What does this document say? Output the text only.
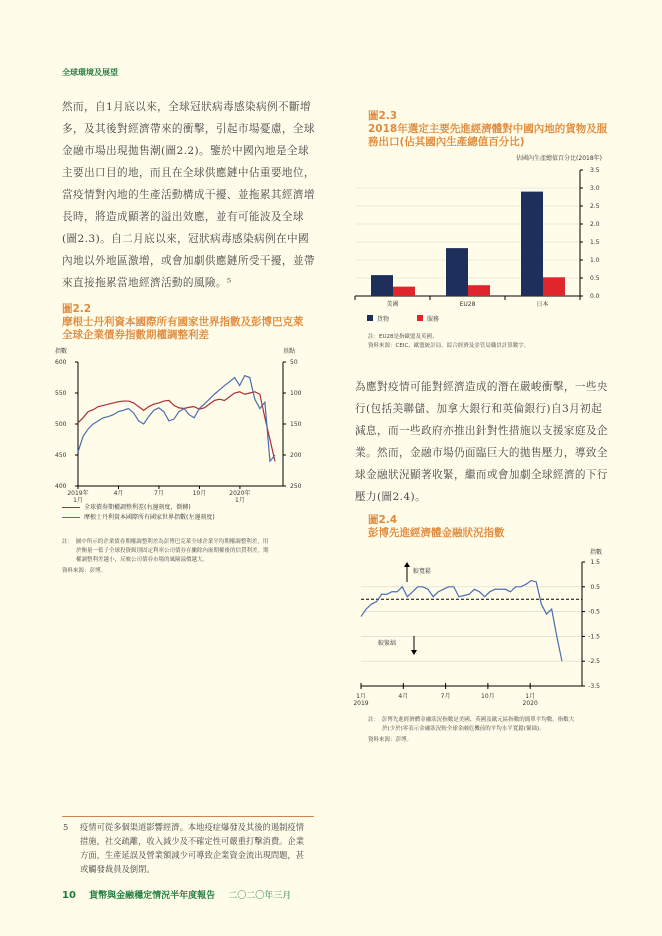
全球環境及展望
然而，自1月底以來，全球冠狀病毒感染病例不斷增
多，及其後對經濟帶來的衝擊，引起市場憂慮，全球
金融市場出現拋售潮(圖2.2)。鑒於中國內地是全球
主要出口目的地，而且在全球供應鏈中佔重要地位，
當疫情對內地的生產活動構成干擾、並拖累其經濟增
長時，將造成顯著的溢出效應，並有可能波及全球
(圖2.3)。自二月底以來，冠狀病毒感染病例在中國
內地以外地區激增，或會加劇供應鏈所受干擾，並帶
來直接拖累當地經濟活動的風險。⁵
圖2.2
摩根士丹利資本國際所有國家世界指數及彭博巴克萊
全球企業債券指數期權調整利差
指數	基點
600	50
550	100
500	150
450	200
400	250
2019年
1月
4月	7月	10月	2020年
1月
全球債券期權調整利差(右邊刻度，倒轉)
摩根士丹利資本國際所有國家世界指數(左邊刻度)
註：　圖中所示的企業債券期權調整利差為彭博巴克萊全球企業平均期權調整利差，用
於衡量一籃子全球投資級別固定利率公司債券在撇除內嵌期權後的信貸利差。期
權調整利差越小，反映公司債券市場的風險溢價越大。
資料來源：彭博。
圖2.3
2018年選定主要先進經濟體對中國內地的貨物及服
務出口(佔其國內生產總值百分比)
佔國內生產總值百分比(2018年)
3.5
3.0
2.5
2.0
1.5
1.0
0.5
0.0
美國	EU28	日本
貨物	服務
註：EU28是指歐盟及英國。
資料來源：CEIC、歐盟統計局、綜合經濟及金管局職員計算數字。
為應對疫情可能對經濟造成的潛在嚴峻衝擊，一些央
行(包括美聯儲、加拿大銀行和英倫銀行)自3月初起
減息，而一些政府亦推出針對性措施以支援家庭及企
業。然而，金融市場仍面臨巨大的拋售壓力，導致全
球金融狀況顯著收緊，繼而或會加劇全球經濟的下行
壓力(圖2.4)。
圖2.4
彭博先進經濟體金融狀況指數
指數
1.5
0.5
-0.5
-1.5
-2.5
-3.5
1月
2019
4月	7月	10月	1月
2020
較寬鬆
較緊絀
註：　彭博先進經濟體金融狀況指數是美國、英國及歐元區指數的簡單平均數。指數大
於(少於)零表示金融狀況較全球金融危機前的平均水平寬鬆(緊絀)。
資料來源：彭博。
5 疫情可從多個渠道影響經濟。本地疫症爆發及其後的遏制疫情
措施，社交疏離，收入減少及不確定性可嚴重打擊消費。企業
方面，生產延誤及營業額減少可導致企業資金流出現問題，甚
或觸發裁員及倒閉。
10 貨幣與金融穩定情況半年度報告 二〇二〇年三月
